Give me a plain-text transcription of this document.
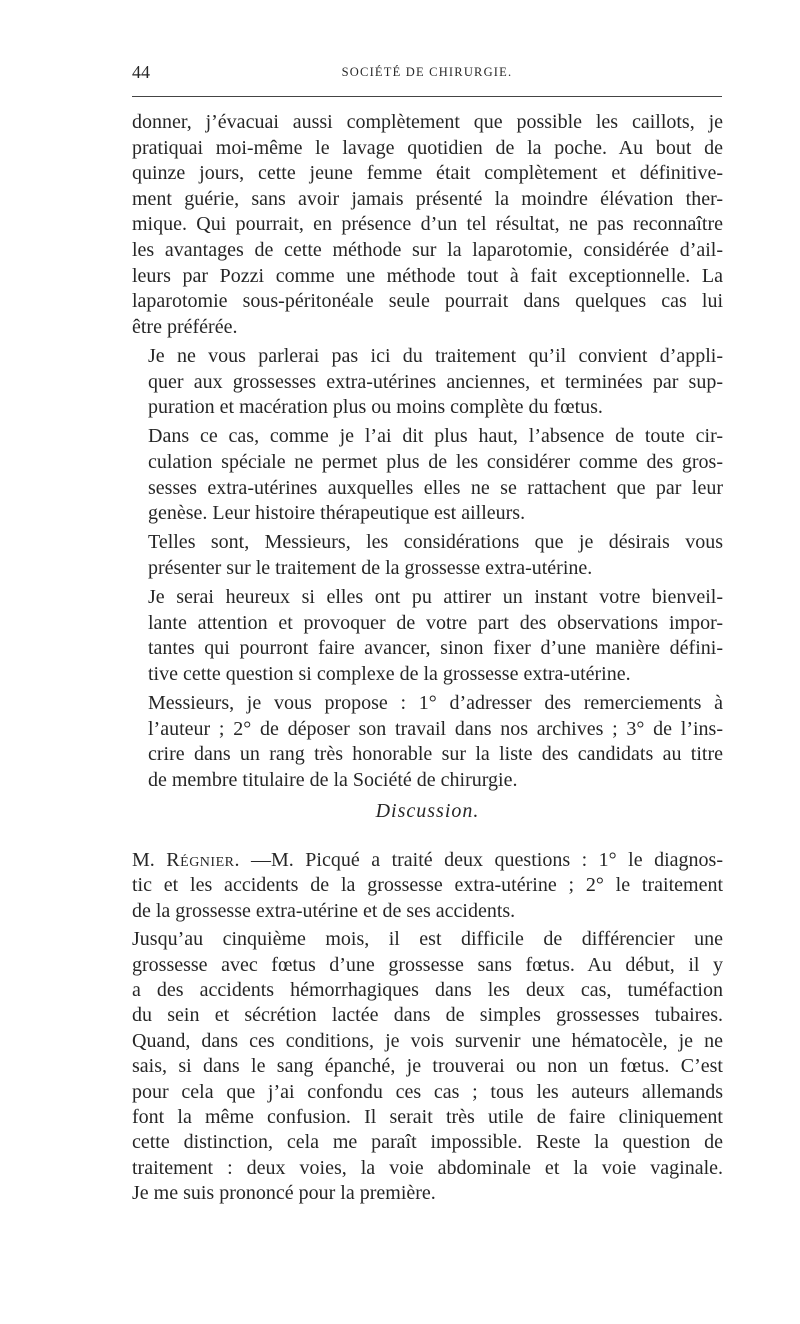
44	SOCIÉTÉ DE CHIRURGIE.

donner, j’évacuai aussi complètement que possible les caillots, je
pratiquai moi-même le lavage quotidien de la poche. Au bout de
quinze jours, cette jeune femme était complètement et définitive-
ment guérie, sans avoir jamais présenté la moindre élévation ther-
mique. Qui pourrait, en présence d’un tel résultat, ne pas reconnaître
les avantages de cette méthode sur la laparotomie, considérée d’ail-
leurs par Pozzi comme une méthode tout à fait exceptionnelle. La
laparotomie sous-péritonéale seule pourrait dans quelques cas lui
être préférée.

Je ne vous parlerai pas ici du traitement qu’il convient d’appli-
quer aux grossesses extra-utérines anciennes, et terminées par sup-
puration et macération plus ou moins complète du fœtus.

Dans ce cas, comme je l’ai dit plus haut, l’absence de toute cir-
culation spéciale ne permet plus de les considérer comme des gros-
sesses extra-utérines auxquelles elles ne se rattachent que par leur
genèse. Leur histoire thérapeutique est ailleurs.

Telles sont, Messieurs, les considérations que je désirais vous
présenter sur le traitement de la grossesse extra-utérine.

Je serai heureux si elles ont pu attirer un instant votre bienveil-
lante attention et provoquer de votre part des observations impor-
tantes qui pourront faire avancer, sinon fixer d’une manière défini-
tive cette question si complexe de la grossesse extra-utérine.

Messieurs, je vous propose : 1° d’adresser des remerciements à
l’auteur ; 2° de déposer son travail dans nos archives ; 3° de l’ins-
crire dans un rang très honorable sur la liste des candidats au titre
de membre titulaire de la Société de chirurgie.

Discussion.

M. Régnier. —M. Picqué a traité deux questions : 1° le diagnos-
tic et les accidents de la grossesse extra-utérine ; 2° le traitement
de la grossesse extra-utérine et de ses accidents.

Jusqu’au cinquième mois, il est difficile de différencier une
grossesse avec fœtus d’une grossesse sans fœtus. Au début, il y
a des accidents hémorrhagiques dans les deux cas, tuméfaction
du sein et sécrétion lactée dans de simples grossesses tubaires.
Quand, dans ces conditions, je vois survenir une hématocèle, je ne
sais, si dans le sang épanché, je trouverai ou non un fœtus. C’est
pour cela que j’ai confondu ces cas ; tous les auteurs allemands
font la même confusion. Il serait très utile de faire cliniquement
cette distinction, cela me paraît impossible. Reste la question de
traitement : deux voies, la voie abdominale et la voie vaginale.
Je me suis prononcé pour la première.
